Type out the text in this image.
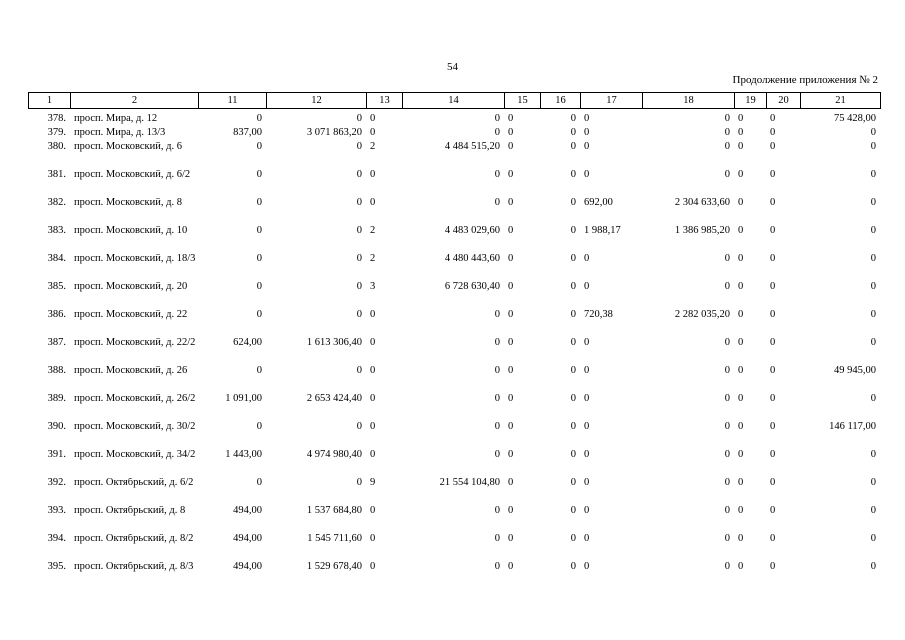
54
Продолжение приложения № 2
1	2	11	12	13	14	15	16	17	18	19	20	21
378.	просп. Мира, д. 12	0	0	0	0	0	0	0	0	0	0	75 428,00
379.	просп. Мира, д. 13/3	837,00	3 071 863,20	0	0	0	0	0	0	0	0	0
380.	просп. Московский, д. 6	0	0	2	4 484 515,20	0	0	0	0	0	0	0
381.	просп. Московский, д. 6/2	0	0	0	0	0	0	0	0	0	0	0
382.	просп. Московский, д. 8	0	0	0	0	0	0	692,00	2 304 633,60	0	0	0
383.	просп. Московский, д. 10	0	0	2	4 483 029,60	0	0	1 988,17	1 386 985,20	0	0	0
384.	просп. Московский, д. 18/3	0	0	2	4 480 443,60	0	0	0	0	0	0	0
385.	просп. Московский, д. 20	0	0	3	6 728 630,40	0	0	0	0	0	0	0
386.	просп. Московский, д. 22	0	0	0	0	0	0	720,38	2 282 035,20	0	0	0
387.	просп. Московский, д. 22/2	624,00	1 613 306,40	0	0	0	0	0	0	0	0	0
388.	просп. Московский, д. 26	0	0	0	0	0	0	0	0	0	0	49 945,00
389.	просп. Московский, д. 26/2	1 091,00	2 653 424,40	0	0	0	0	0	0	0	0	0
390.	просп. Московский, д. 30/2	0	0	0	0	0	0	0	0	0	0	146 117,00
391.	просп. Московский, д. 34/2	1 443,00	4 974 980,40	0	0	0	0	0	0	0	0	0
392.	просп. Октябрьский, д. 6/2	0	0	9	21 554 104,80	0	0	0	0	0	0	0
393.	просп. Октябрьский, д. 8	494,00	1 537 684,80	0	0	0	0	0	0	0	0	0
394.	просп. Октябрьский, д. 8/2	494,00	1 545 711,60	0	0	0	0	0	0	0	0	0
395.	просп. Октябрьский, д. 8/3	494,00	1 529 678,40	0	0	0	0	0	0	0	0	0
